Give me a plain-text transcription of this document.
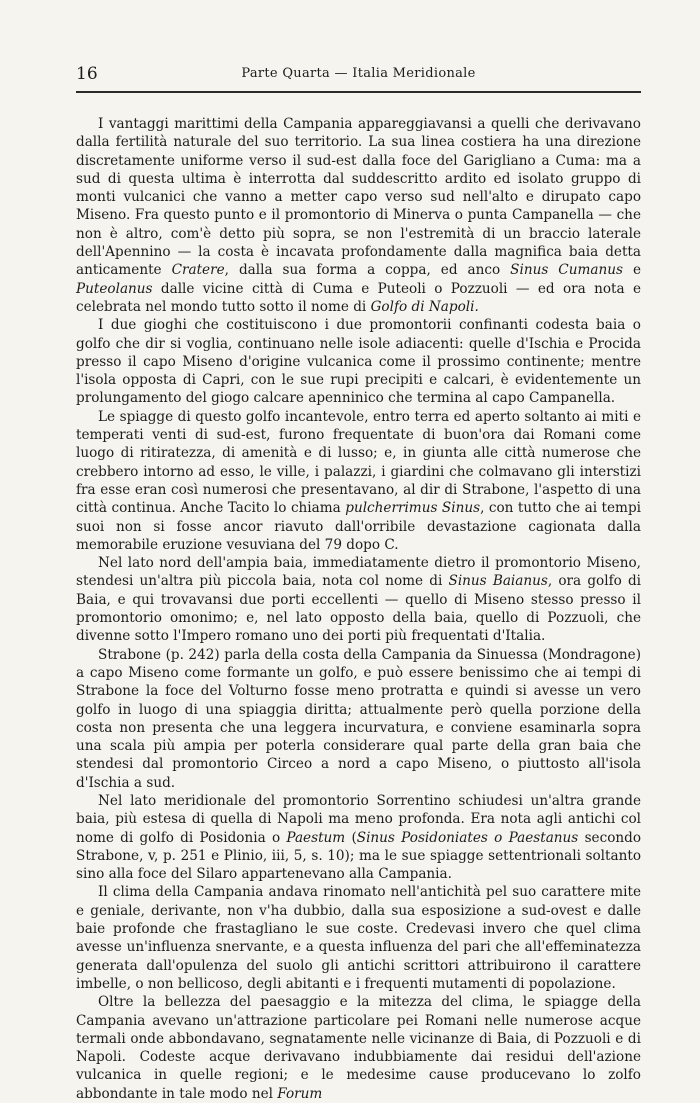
16	Parte Quarta — Italia Meridionale

I vantaggi marittimi della Campania appareggiavansi a quelli che derivavano dalla fertilità naturale del suo territorio. La sua linea costiera ha una direzione discretamente uniforme verso il sud-est dalla foce del Garigliano a Cuma: ma a sud di questa ultima è interrotta dal suddescritto ardito ed isolato gruppo di monti vulcanici che vanno a metter capo verso sud nell'alto e dirupato capo Miseno. Fra questo punto e il promontorio di Minerva o punta Campanella — che non è altro, com'è detto più sopra, se non l'estremità di un braccio laterale dell'Apennino — la costa è incavata profondamente dalla magnifica baia detta anticamente Cratere, dalla sua forma a coppa, ed anco Sinus Cumanus e Puteolanus dalle vicine città di Cuma e Puteoli o Pozzuoli — ed ora nota e celebrata nel mondo tutto sotto il nome di Golfo di Napoli.

I due gioghi che costituiscono i due promontorii confinanti codesta baia o golfo che dir si voglia, continuano nelle isole adiacenti: quelle d'Ischia e Procida presso il capo Miseno d'origine vulcanica come il prossimo continente; mentre l'isola opposta di Capri, con le sue rupi precipiti e calcari, è evidentemente un prolungamento del giogo calcare apenninico che termina al capo Campanella.

Le spiagge di questo golfo incantevole, entro terra ed aperto soltanto ai miti e temperati venti di sud-est, furono frequentate di buon'ora dai Romani come luogo di ritiratezza, di amenità e di lusso; e, in giunta alle città numerose che crebbero intorno ad esso, le ville, i palazzi, i giardini che colmavano gli interstizi fra esse eran così numerosi che presentavano, al dir di Strabone, l'aspetto di una città continua. Anche Tacito lo chiama pulcherrimus Sinus, con tutto che ai tempi suoi non si fosse ancor riavuto dall'orribile devastazione cagionata dalla memorabile eruzione vesuviana del 79 dopo C.

Nel lato nord dell'ampia baia, immediatamente dietro il promontorio Miseno, stendesi un'altra più piccola baia, nota col nome di Sinus Baianus, ora golfo di Baia, e qui trovavansi due porti eccellenti — quello di Miseno stesso presso il promontorio omonimo; e, nel lato opposto della baia, quello di Pozzuoli, che divenne sotto l'Impero romano uno dei porti più frequentati d'Italia.

Strabone (p. 242) parla della costa della Campania da Sinuessa (Mondragone) a capo Miseno come formante un golfo, e può essere benissimo che ai tempi di Strabone la foce del Volturno fosse meno protratta e quindi si avesse un vero golfo in luogo di una spiaggia diritta; attualmente però quella porzione della costa non presenta che una leggera incurvatura, e conviene esaminarla sopra una scala più ampia per poterla considerare qual parte della gran baia che stendesi dal promontorio Circeo a nord a capo Miseno, o piuttosto all'isola d'Ischia a sud.

Nel lato meridionale del promontorio Sorrentino schiudesi un'altra grande baia, più estesa di quella di Napoli ma meno profonda. Era nota agli antichi col nome di golfo di Posidonia o Paestum (Sinus Posidoniates o Paestanus secondo Strabone, v, p. 251 e Plinio, iii, 5, s. 10); ma le sue spiagge settentrionali soltanto sino alla foce del Silaro appartenevano alla Campania.

Il clima della Campania andava rinomato nell'antichità pel suo carattere mite e geniale, derivante, non v'ha dubbio, dalla sua esposizione a sud-ovest e dalle baie profonde che frastagliano le sue coste. Credevasi invero che quel clima avesse un'influenza snervante, e a questa influenza del pari che all'effeminatezza generata dall'opulenza del suolo gli antichi scrittori attribuirono il carattere imbelle, o non bellicoso, degli abitanti e i frequenti mutamenti di popolazione.

Oltre la bellezza del paesaggio e la mitezza del clima, le spiagge della Campania avevano un'attrazione particolare pei Romani nelle numerose acque termali onde abbondavano, segnatamente nelle vicinanze di Baia, di Pozzuoli e di Napoli. Codeste acque derivavano indubbiamente dai residui dell'azione vulcanica in quelle regioni; e le medesime cause producevano lo zolfo abbondante in tale modo nel Forum
